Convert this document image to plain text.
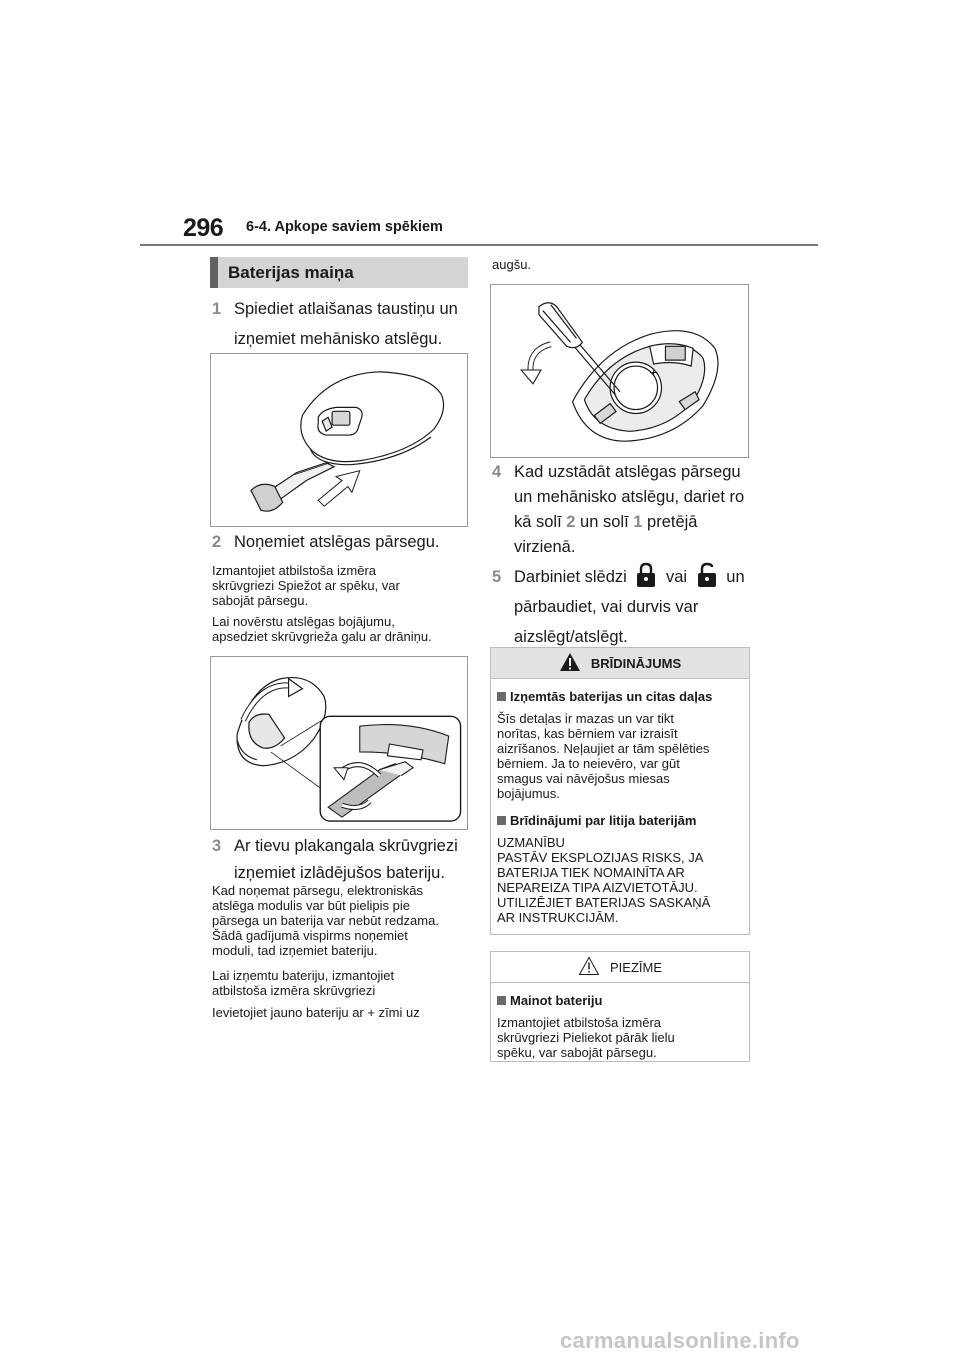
296 6-4. Apkope saviem spēkiem
Baterijas maiņa
1 Spiediet atlaišanas taustiņu un
izņemiet mehānisko atslēgu.
2 Noņemiet atslēgas pārsegu.
Izmantojiet atbilstoša izmēra
skrūvgriezi Spiežot ar spēku, var
sabojāt pārsegu.
Lai novērstu atslēgas bojājumu,
apsedziet skrūvgrieža galu ar drāniņu.
3 Ar tievu plakangala skrūvgriezi
izņemiet izlādējušos bateriju.
Kad noņemat pārsegu, elektroniskās
atslēga modulis var būt pielipis pie
pārsega un baterija var nebūt redzama.
Šādā gadījumā vispirms noņemiet
moduli, tad izņemiet bateriju.
Lai izņemtu bateriju, izmantojiet
atbilstoša izmēra skrūvgriezi
Ievietojiet jauno bateriju ar + zīmi uz
augšu.
+
4 Kad uzstādāt atslēgas pārsegu
un mehānisko atslēgu, dariet ro
kā solī 2 un solī 1 pretējā
virzienā.
5 Darbiniet slēdzi vai un
pārbaudiet, vai durvis var
aizslēgt/atslēgt.
BRĪDINĀJUMS
Izņemtās baterijas un citas daļas
Šīs detaļas ir mazas un var tikt
norītas, kas bērniem var izraisīt
aizrīšanos. Neļaujiet ar tām spēlēties
bērniem. Ja to neievēro, var gūt
smagus vai nāvējošus miesas
bojājumus.
Brīdinājumi par litija baterijām
UZMANĪBU
PASTĀV EKSPLOZIJAS RISKS, JA
BATERIJA TIEK NOMAINĪTA AR
NEPAREIZA TIPA AIZVIETOTĀJU.
UTILIZĒJIET BATERIJAS SASKAŅĀ
AR INSTRUKCIJĀM.
PIEZĪME
Mainot bateriju
Izmantojiet atbilstoša izmēra
skrūvgriezi Pieliekot pārāk lielu
spēku, var sabojāt pārsegu.
carmanualsonline.info
